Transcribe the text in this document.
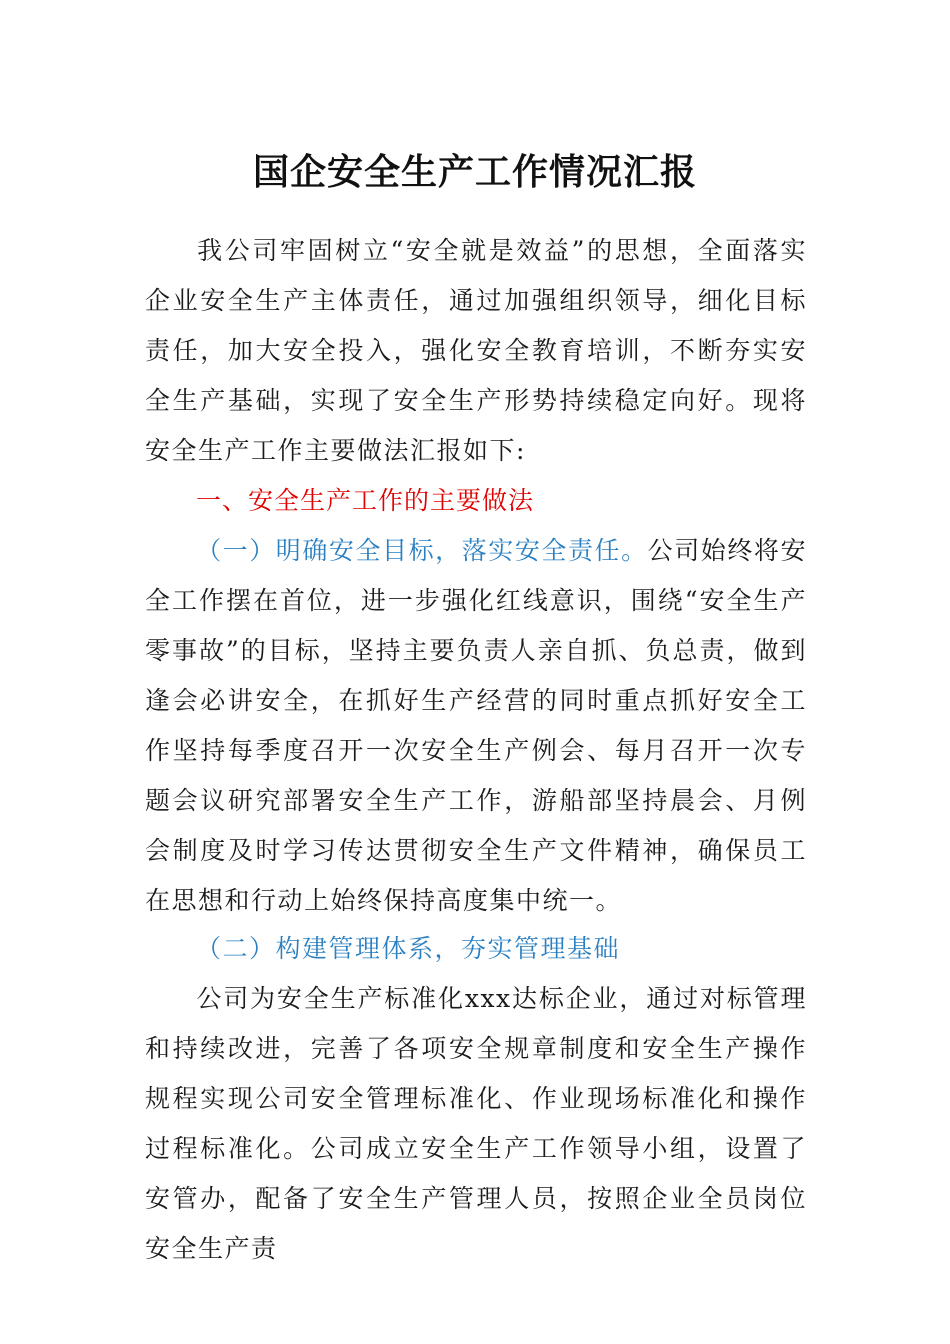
国企安全生产工作情况汇报
我公司牢固树立“安全就是效益”的思想，全面落实企业安全生产主体责任，通过加强组织领导，细化目标责任，加大安全投入，强化安全教育培训，不断夯实安全生产基础，实现了安全生产形势持续稳定向好。现将安全生产工作主要做法汇报如下:
一、安全生产工作的主要做法
（一）明确安全目标，落实安全责任。公司始终将安全工作摆在首位，进一步强化红线意识，围绕“安全生产零事故”的目标，坚持主要负责人亲自抓、负总责，做到逢会必讲安全，在抓好生产经营的同时重点抓好安全工作坚持每季度召开一次安全生产例会、每月召开一次专题会议研究部署安全生产工作，游船部坚持晨会、月例会制度及时学习传达贯彻安全生产文件精神，确保员工在思想和行动上始终保持高度集中统一。
（二）构建管理体系，夯实管理基础
公司为安全生产标准化xxx达标企业，通过对标管理和持续改进，完善了各项安全规章制度和安全生产操作规程实现公司安全管理标准化、作业现场标准化和操作过程标准化。公司成立安全生产工作领导小组，设置了安管办，配备了安全生产管理人员，按照企业全员岗位安全生产责
